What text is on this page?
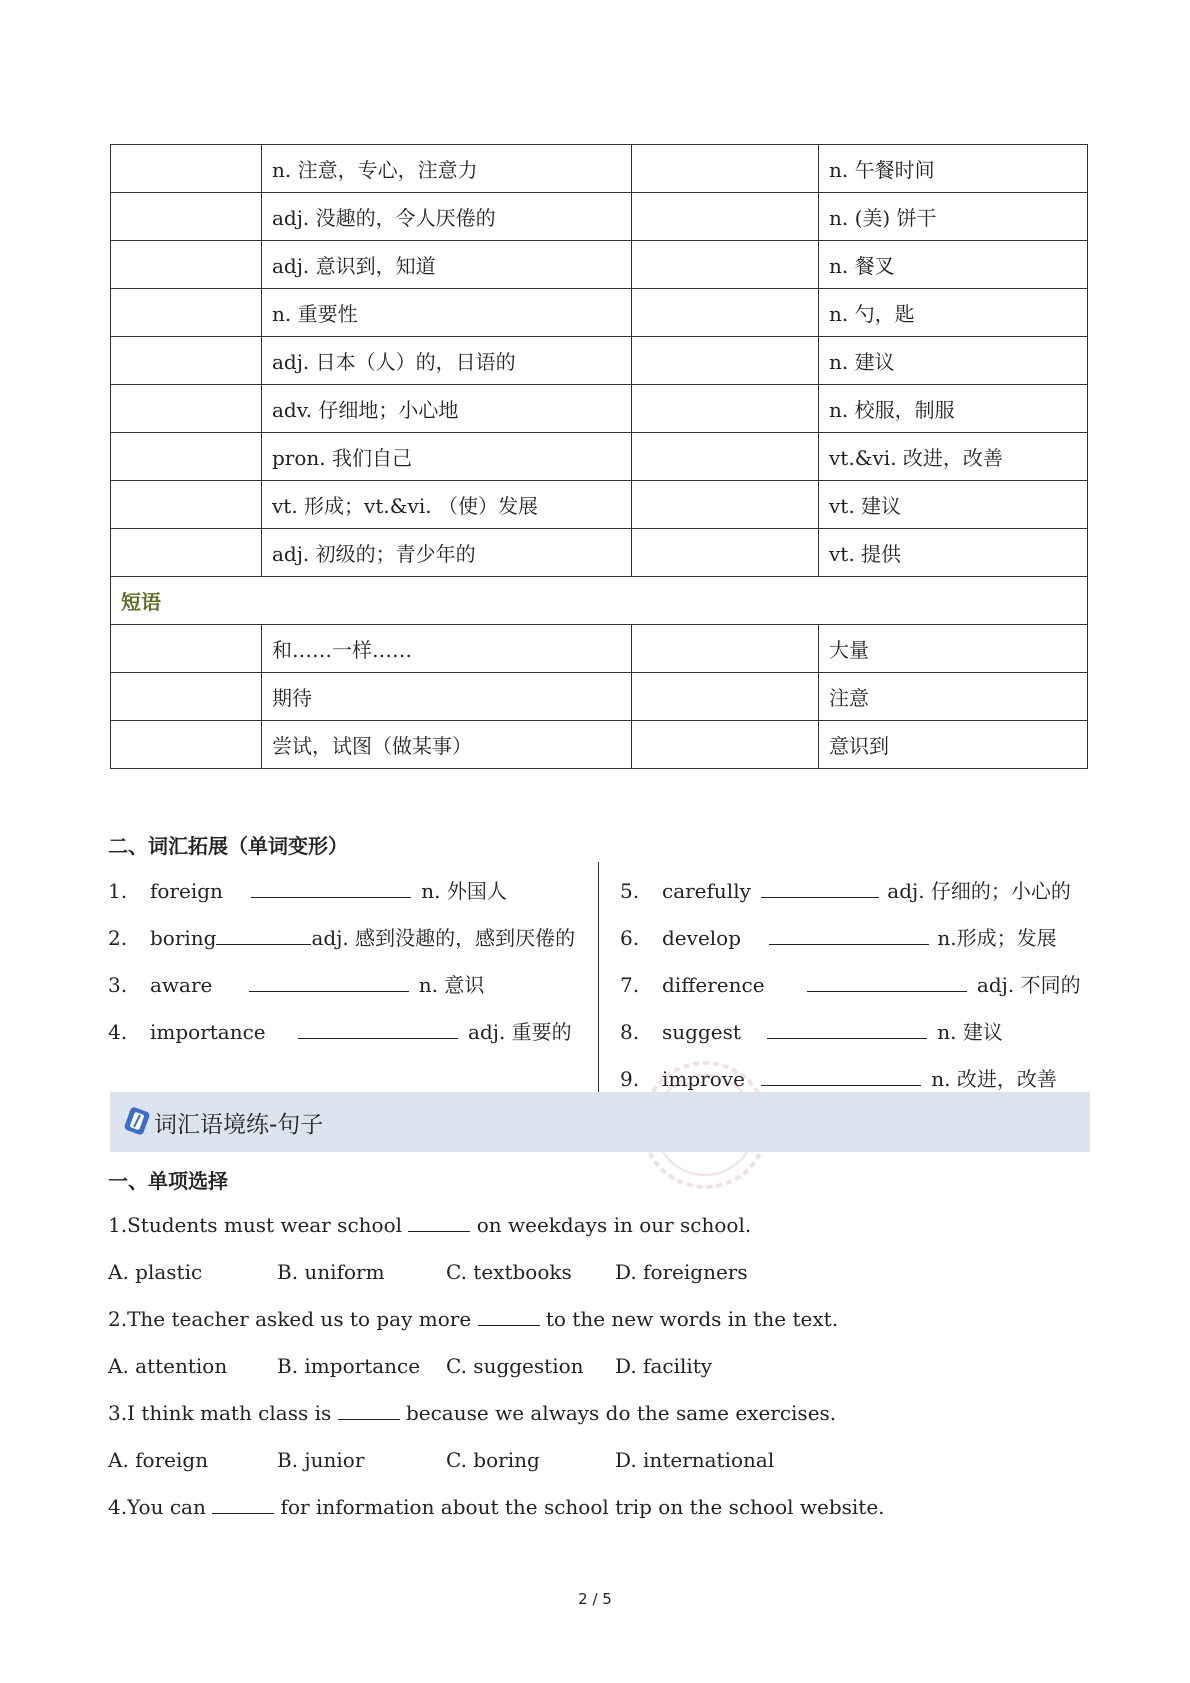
	n. 注意，专心，注意力		n. 午餐时间
	adj. 没趣的，令人厌倦的		n. (美) 饼干
	adj. 意识到，知道		n. 餐叉
	n. 重要性		n. 勺，匙
	adj. 日本（人）的，日语的		n. 建议
	adv. 仔细地；小心地		n. 校服，制服
	pron. 我们自己		vt.&vi. 改进，改善
	vt. 形成；vt.&vi. （使）发展		vt. 建议
	adj. 初级的；青少年的		vt. 提供
短语			
	和……一样……		大量
	期待		注意
	尝试，试图（做某事）		意识到
二、词汇拓展（单词变形）
1. foreign	n. 外国人
2. boring	adj. 感到没趣的，感到厌倦的
3. aware	n. 意识
4. importance	adj. 重要的
5. carefully	adj. 仔细的；小心的
6. develop	n.形成；发展
7. difference	adj. 不同的
8. suggest	n. 建议
9. improve	n. 改进，改善
词汇语境练-句子
一、单项选择
1.Students must wear school	on weekdays in our school.
A. plastic	B. uniform	C. textbooks D. foreigners
2.The teacher asked us to pay more	to the new words in the text.
A. attention B. importance C. suggestion D. facility
3.I think math class is	because we always do the same exercises.
A. foreign	B. junior	C. boring	D. international
4.You can	for information about the school trip on the school website.
2 / 5
